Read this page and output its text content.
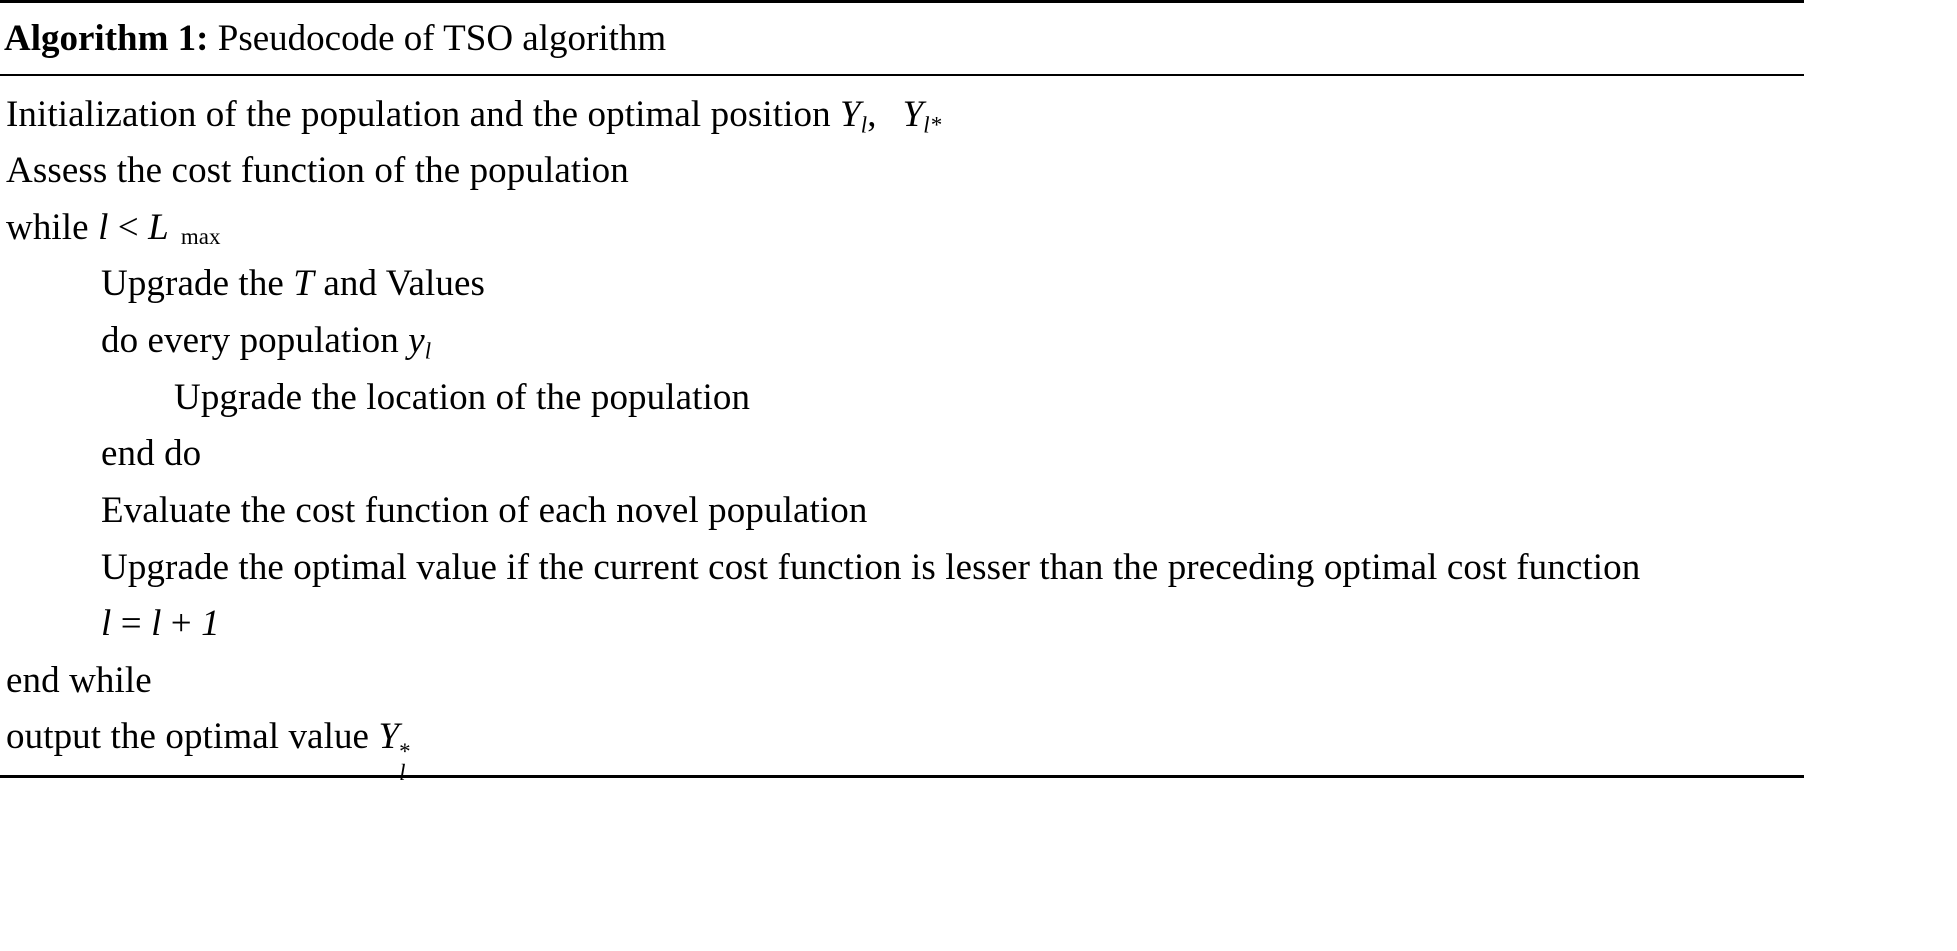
Algorithm 1: Pseudocode of TSO algorithm
Initialization of the population and the optimal position $Y_l$, $Y_{l*}$
Assess the cost function of the population
while l < L max
Upgrade the T and Values
do every population $y_l$
Upgrade the location of the population
end do
Evaluate the cost function of each novel population
Upgrade the optimal value if the current cost function is lesser than the preceding optimal cost function
l = l + 1
end while
output the optimal value Y *
l
